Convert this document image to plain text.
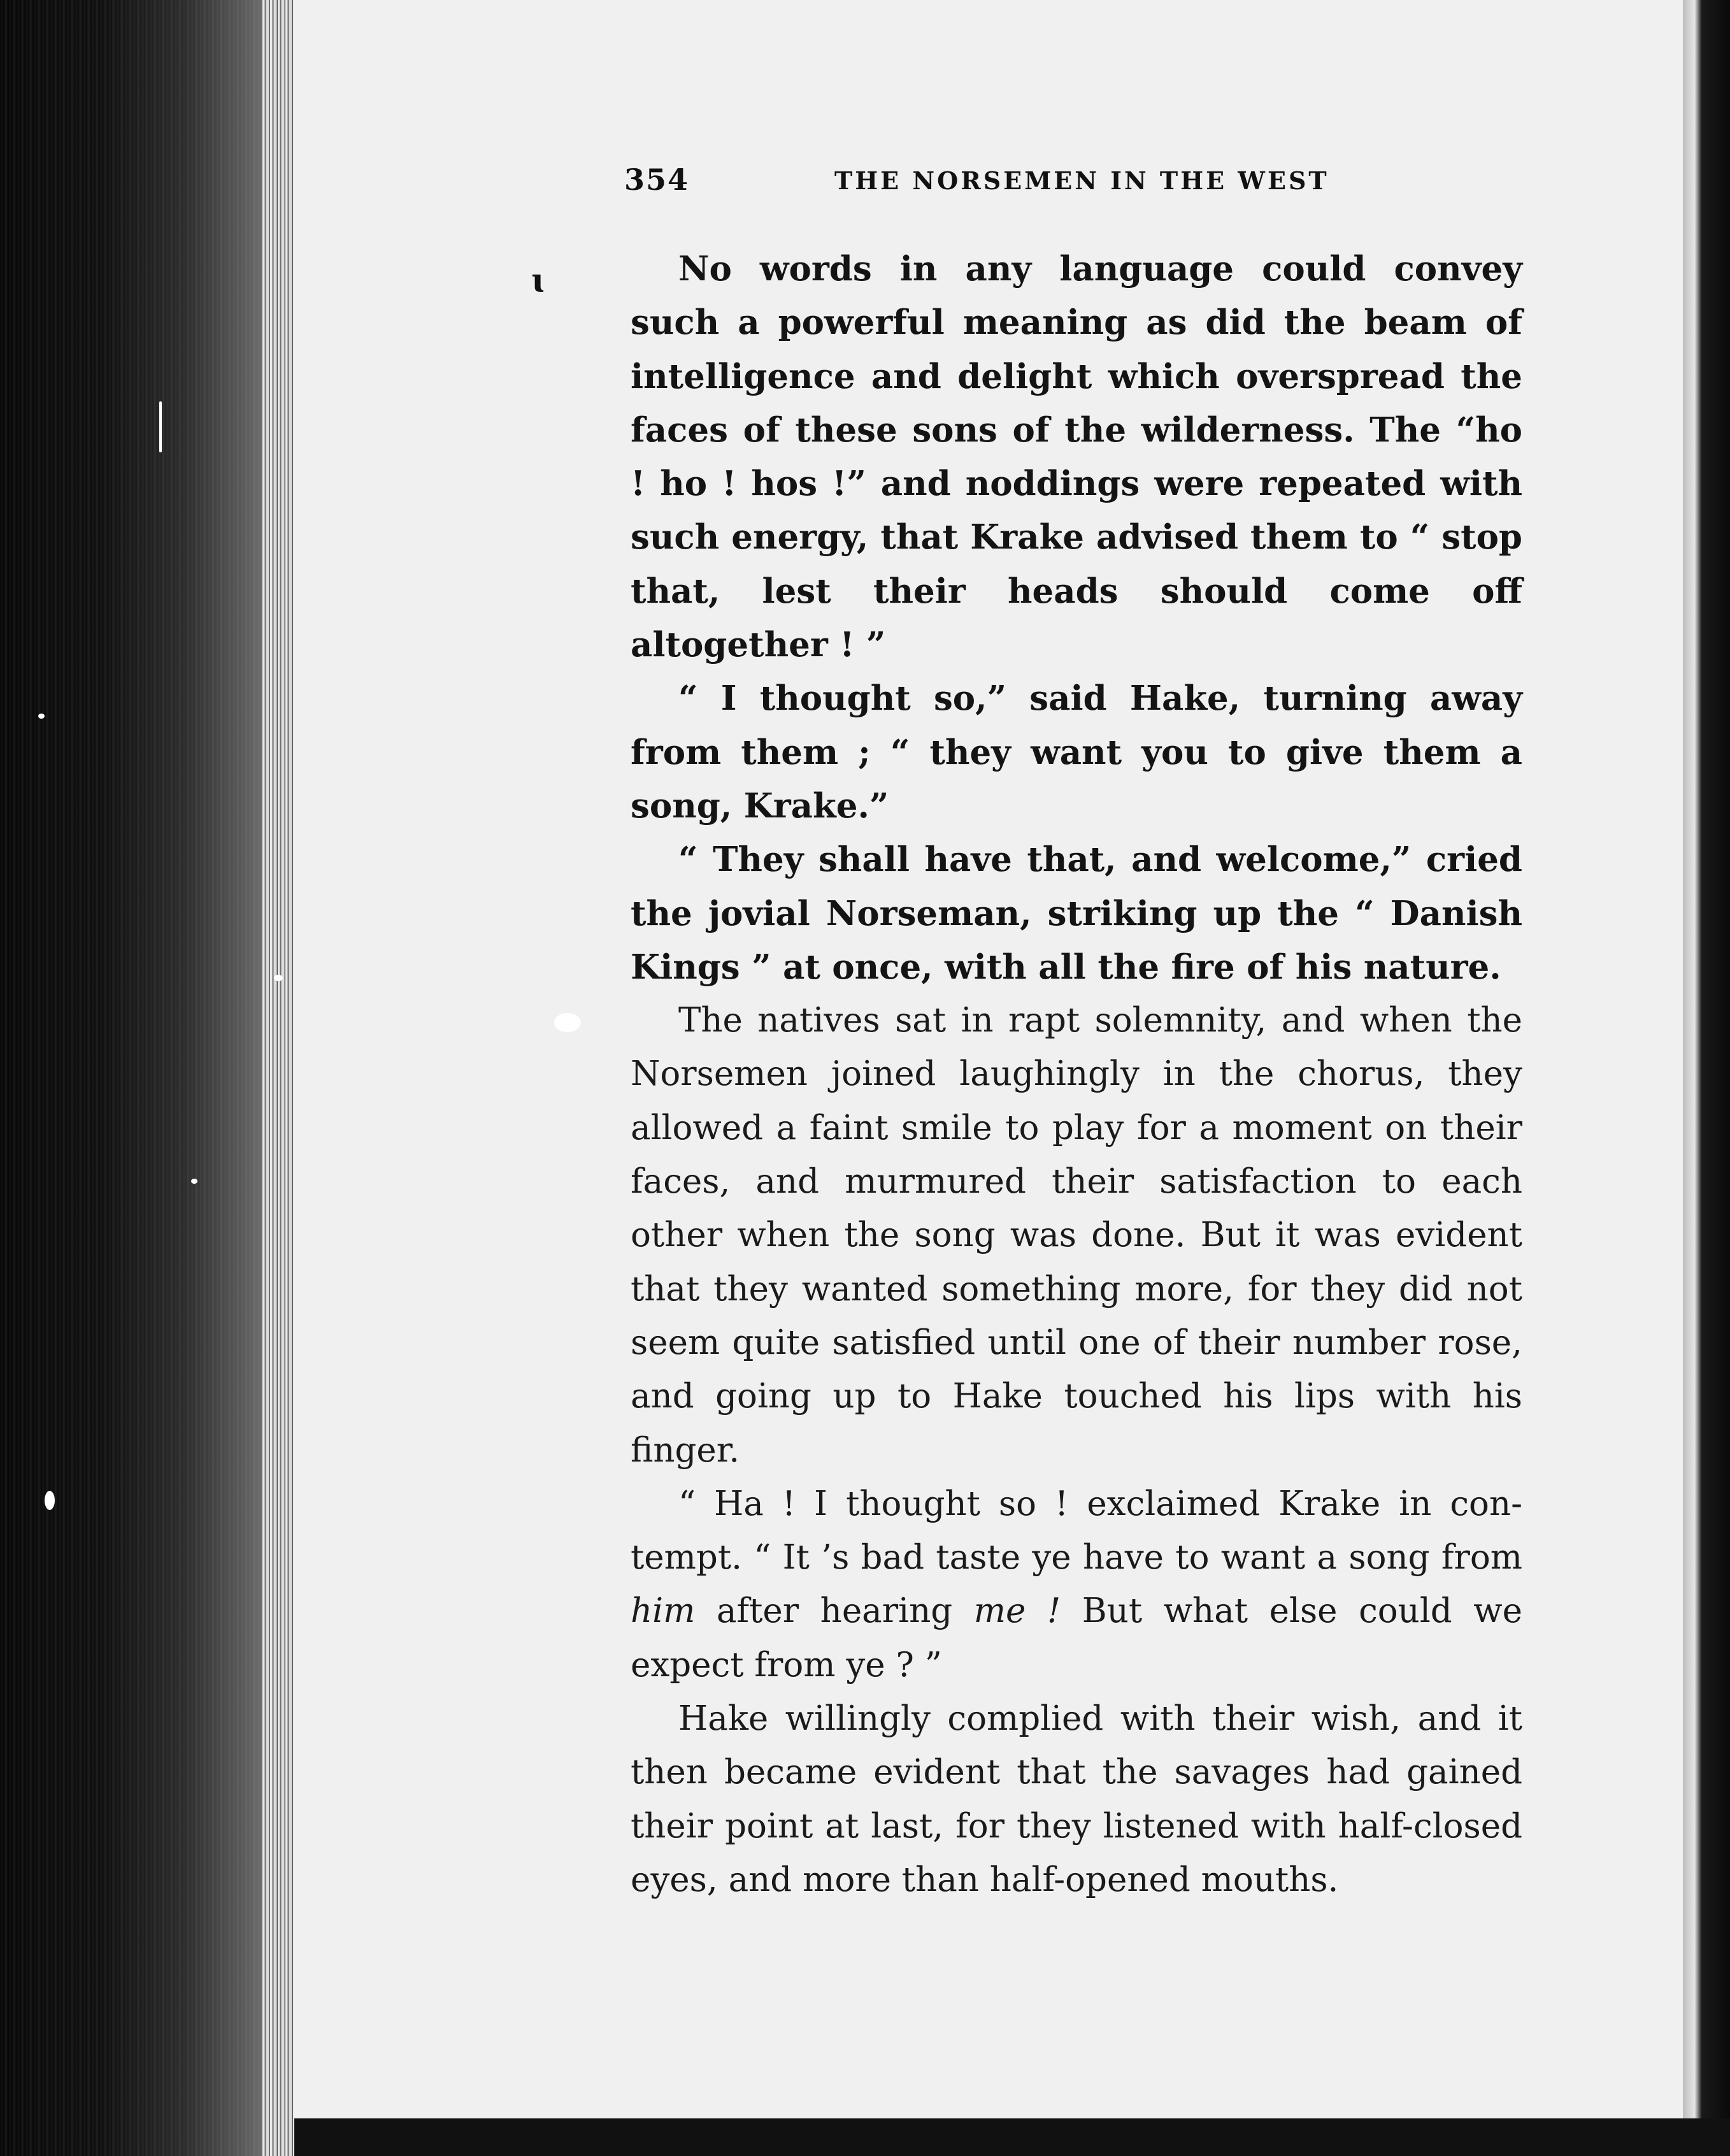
354	THE NORSEMEN IN THE WEST
ɩ	No words in any language could convey such a powerful meaning as did the beam of intelligence and delight which overspread the faces of these sons of the wilderness. The “ho ! ho ! hos !” and noddings were repeated with such energy, that Krake advised them to “ stop that, lest their heads should come off altogether ! ”

“ I thought so,” said Hake, turning away from them ; “ they want you to give them a song, Krake.”

“ They shall have that, and welcome,” cried the jovial Norseman, striking up the “ Danish Kings ” at once, with all the fire of his nature.

The natives sat in rapt solemnity, and when the Norsemen joined laughingly in the chorus, they allowed a faint smile to play for a moment on their faces, and murmured their satisfaction to each other when the song was done. But it was evident that they wanted something more, for they did not seem quite satisfied until one of their number rose, and going up to Hake touched his lips with his finger.

“ Ha ! I thought so ! exclaimed Krake in con- tempt. “ It ’s bad taste ye have to want a song from him after hearing me ! But what else could we expect from ye ? ”

Hake willingly complied with their wish, and it then became evident that the savages had gained their point at last, for they listened with half-closed eyes, and more than half-opened mouths.
